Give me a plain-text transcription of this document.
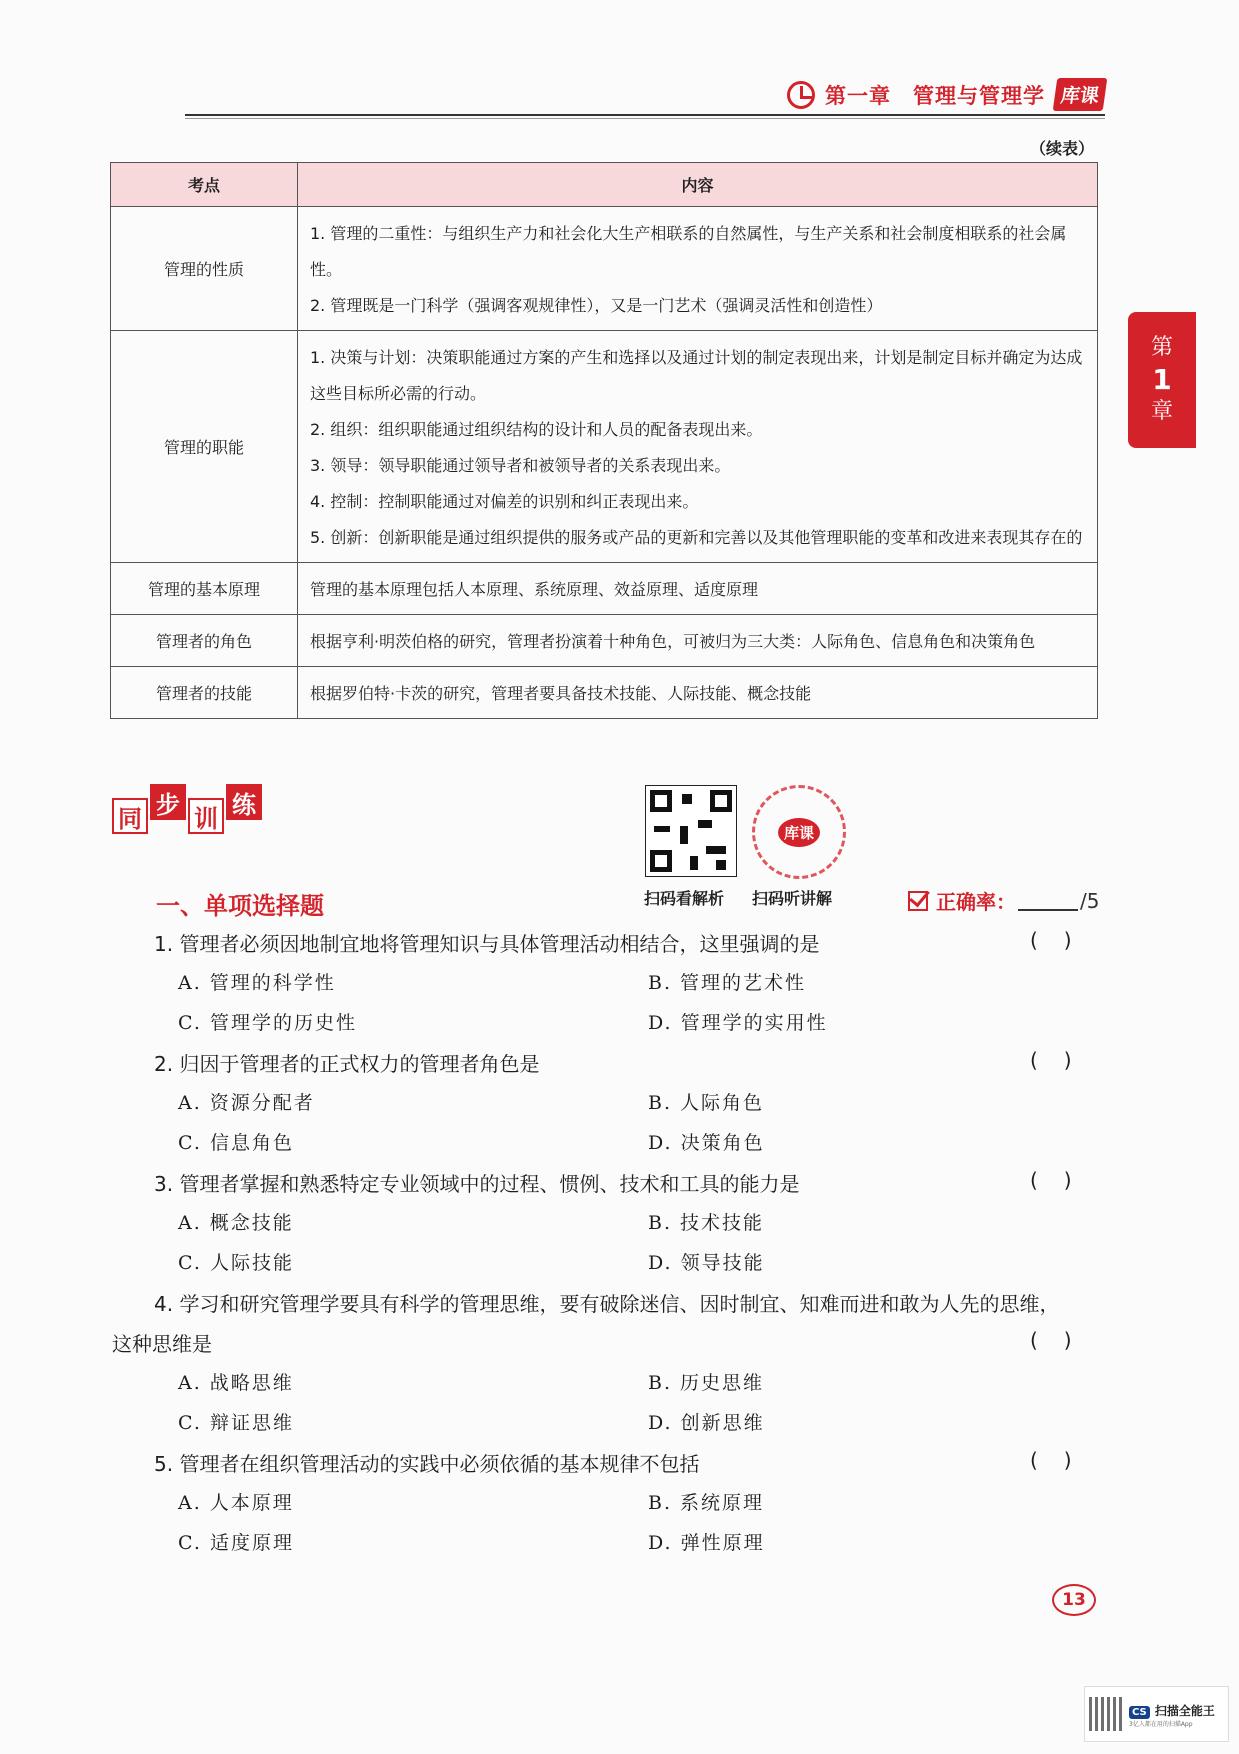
第一章 管理与管理学 库课
（续表）
考点	内容
管理的性质	1. 管理的二重性：与组织生产力和社会化大生产相联系的自然属性，与生产关系和社会制度相联系的社会属性。
2. 管理既是一门科学（强调客观规律性），又是一门艺术（强调灵活性和创造性）

管理的职能	1. 决策与计划：决策职能通过方案的产生和选择以及通过计划的制定表现出来，计划是制定目标并确定为达成这些目标所必需的行动。
2. 组织：组织职能通过组织结构的设计和人员的配备表现出来。
3. 领导：领导职能通过领导者和被领导者的关系表现出来。
4. 控制：控制职能通过对偏差的识别和纠正表现出来。
5. 创新：创新职能是通过组织提供的服务或产品的更新和完善以及其他管理职能的变革和改进来表现其存在的

管理的基本原理	管理的基本原理包括人本原理、系统原理、效益原理、适度原理

管理者的角色	根据亨利·明茨伯格的研究，管理者扮演着十种角色，可被归为三大类：人际角色、信息角色和决策角色

管理者的技能	根据罗伯特·卡茨的研究，管理者要具备技术技能、人际技能、概念技能
第
1
章
同 步 训 练
库课
扫码看解析 扫码听讲解
一、单项选择题	正确率：	/5
1. 管理者必须因地制宜地将管理知识与具体管理活动相结合，这里强调的是	()
A. 管理的科学性	B. 管理的艺术性
C. 管理学的历史性	D. 管理学的实用性
2. 归因于管理者的正式权力的管理者角色是	()
A. 资源分配者	B. 人际角色
C. 信息角色	D. 决策角色
3. 管理者掌握和熟悉特定专业领域中的过程、惯例、技术和工具的能力是	()
A. 概念技能	B. 技术技能
C. 人际技能	D. 领导技能
4. 学习和研究管理学要具有科学的管理思维，要有破除迷信、因时制宜、知难而进和敢为人先的思维，
这种思维是	()
A. 战略思维	B. 历史思维
C. 辩证思维	D. 创新思维
5. 管理者在组织管理活动的实践中必须依循的基本规律不包括	()
A. 人本原理	B. 系统原理
C. 适度原理	D. 弹性原理
13
CS 扫描全能王
3亿人都在用的扫描App
